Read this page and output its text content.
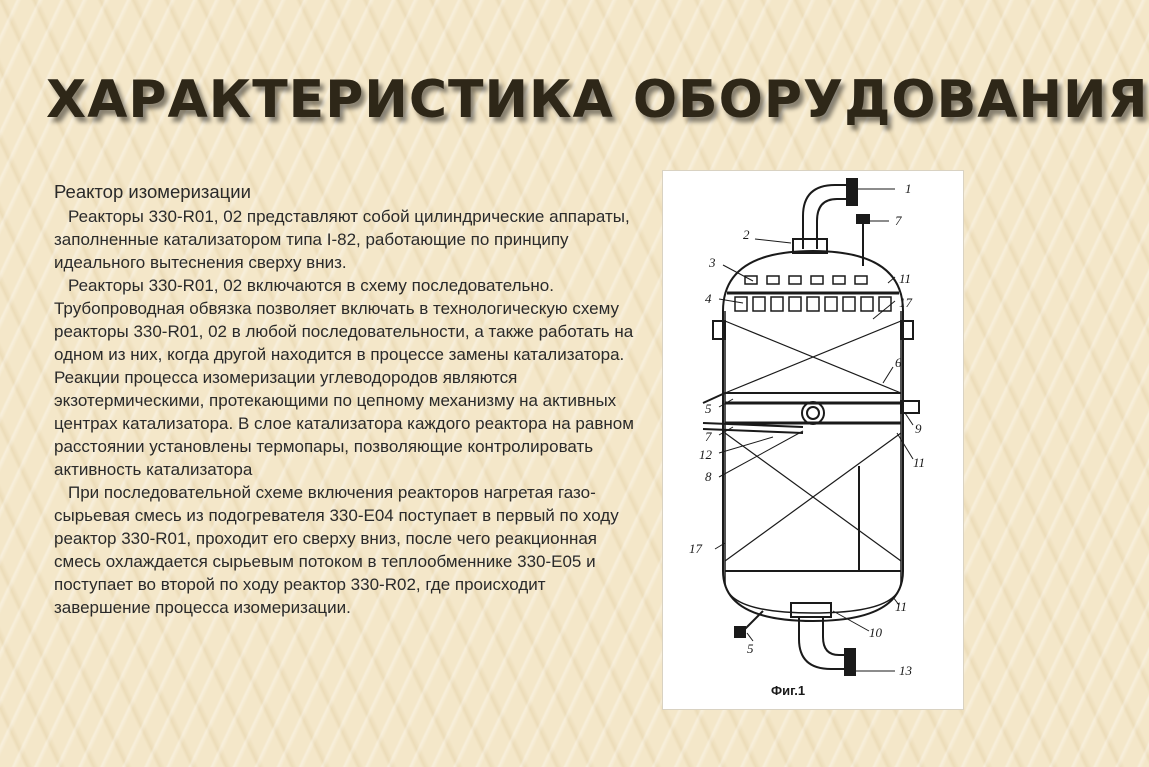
ХАРАКТЕРИСТИКА ОБОРУДОВАНИЯ
Реактор изомеризации
Реакторы 330-R01, 02 представляют собой цилиндрические аппараты, заполненные катализатором типа I-82, работающие по принципу идеального вытеснения сверху вниз.
Реакторы 330-R01, 02 включаются в схему последовательно. Трубопроводная обвязка позволяет включать в технологическую схему реакторы 330-R01, 02 в любой последовательности, а также работать на одном из них, когда другой находится в процессе замены катализатора. Реакции процесса изомеризации углеводородов являются экзотермическими, протекающими по цепному механизму на активных центрах катализатора. В слое катализатора каждого реактора на равном расстоянии установлены термопары, позволяющие контролировать активность катализатора
При последовательной схеме включения реакторов нагретая газо-сырьевая смесь из подогревателя 330-E04 поступает в первый по ходу реактор 330-R01, проходит его сверху вниз, после чего реакционная смесь охлаждается сырьевым потоком в теплообменнике 330-E05 и поступает во второй по ходу реактор 330-R02, где происходит завершение процесса изомеризации.
1
7
2
3
11
4	17
6
5
9
7
12
11
8
17
11
10
5
13
Фиг.1
